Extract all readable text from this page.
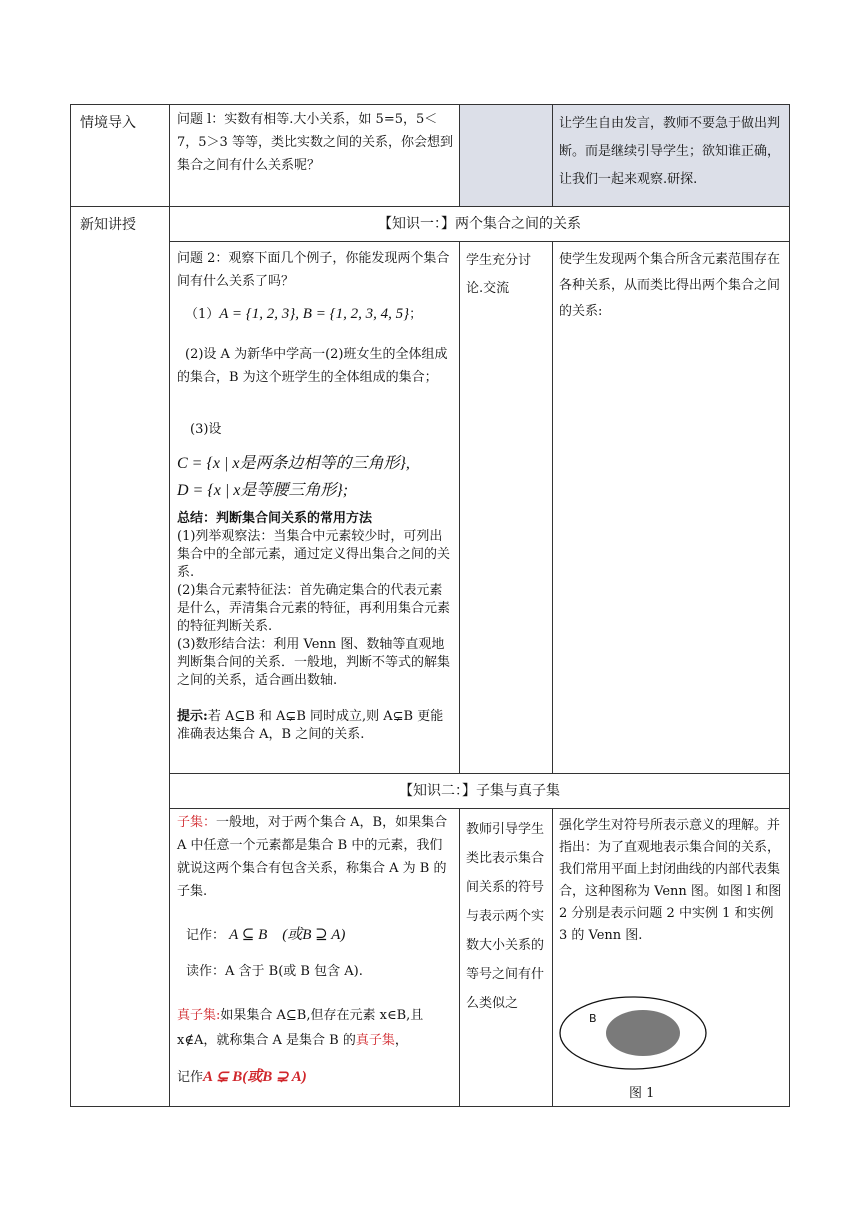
情境导入	问题 l：实数有相等.大小关系，如 5=5，5＜7，5＞3 等等，类比实数之间的关系，你会想到集合之间有什么关系呢？
让学生自由发言，教师不要急于做出判断。而是继续引导学生；欲知谁正确，让我们一起来观察.研探.
新知讲授	【知识一：】两个集合之间的关系
问题 2：观察下面几个例子，你能发现两个集合间有什么关系了吗？
（1）A = {1, 2, 3}, B = {1, 2, 3, 4, 5}；
(2)设 A 为新华中学高一(2)班女生的全体组成的集合，B 为这个班学生的全体组成的集合；
(3)设
C = {x | x是两条边相等的三角形},
D = {x | x是等腰三角形};
总结：判断集合间关系的常用方法
(1)列举观察法：当集合中元素较少时，可列出集合中的全部元素，通过定义得出集合之间的关系.
(2)集合元素特征法：首先确定集合的代表元素是什么，弄清集合元素的特征，再利用集合元素的特征判断关系.
(3)数形结合法：利用 Venn 图、数轴等直观地判断集合间的关系．一般地，判断不等式的解集之间的关系，适合画出数轴.
提示:若 A⊆B 和 A⊊B 同时成立,则 A⊊B 更能准确表达集合 A，B 之间的关系.
学生充分讨论.交流
使学生发现两个集合所含元素范围存在各种关系，从而类比得出两个集合之间的关系:
【知识二：】子集与真子集
子集：一般地，对于两个集合 A，B，如果集合 A 中任意一个元素都是集合 B 中的元素，我们就说这两个集合有包含关系，称集合 A 为 B 的子集.
记作： A ⊆ B　(或B ⊇ A)
读作：A 含于 B(或 B 包含 A).
真子集:如果集合 A⊆B,但存在元素 x∈B,且 x∉A，就称集合 A 是集合 B 的真子集，
记作A ⊊ B(或B ⊋ A)
教师引导学生类比表示集合间关系的符号与表示两个实数大小关系的等号之间有什么类似之
强化学生对符号所表示意义的理解。并指出：为了直观地表示集合间的关系，我们常用平面上封闭曲线的内部代表集合，这种图称为 Venn 图。如图 l 和图 2 分别是表示问题 2 中实例 1 和实例 3 的 Venn 图.
B
图 1
